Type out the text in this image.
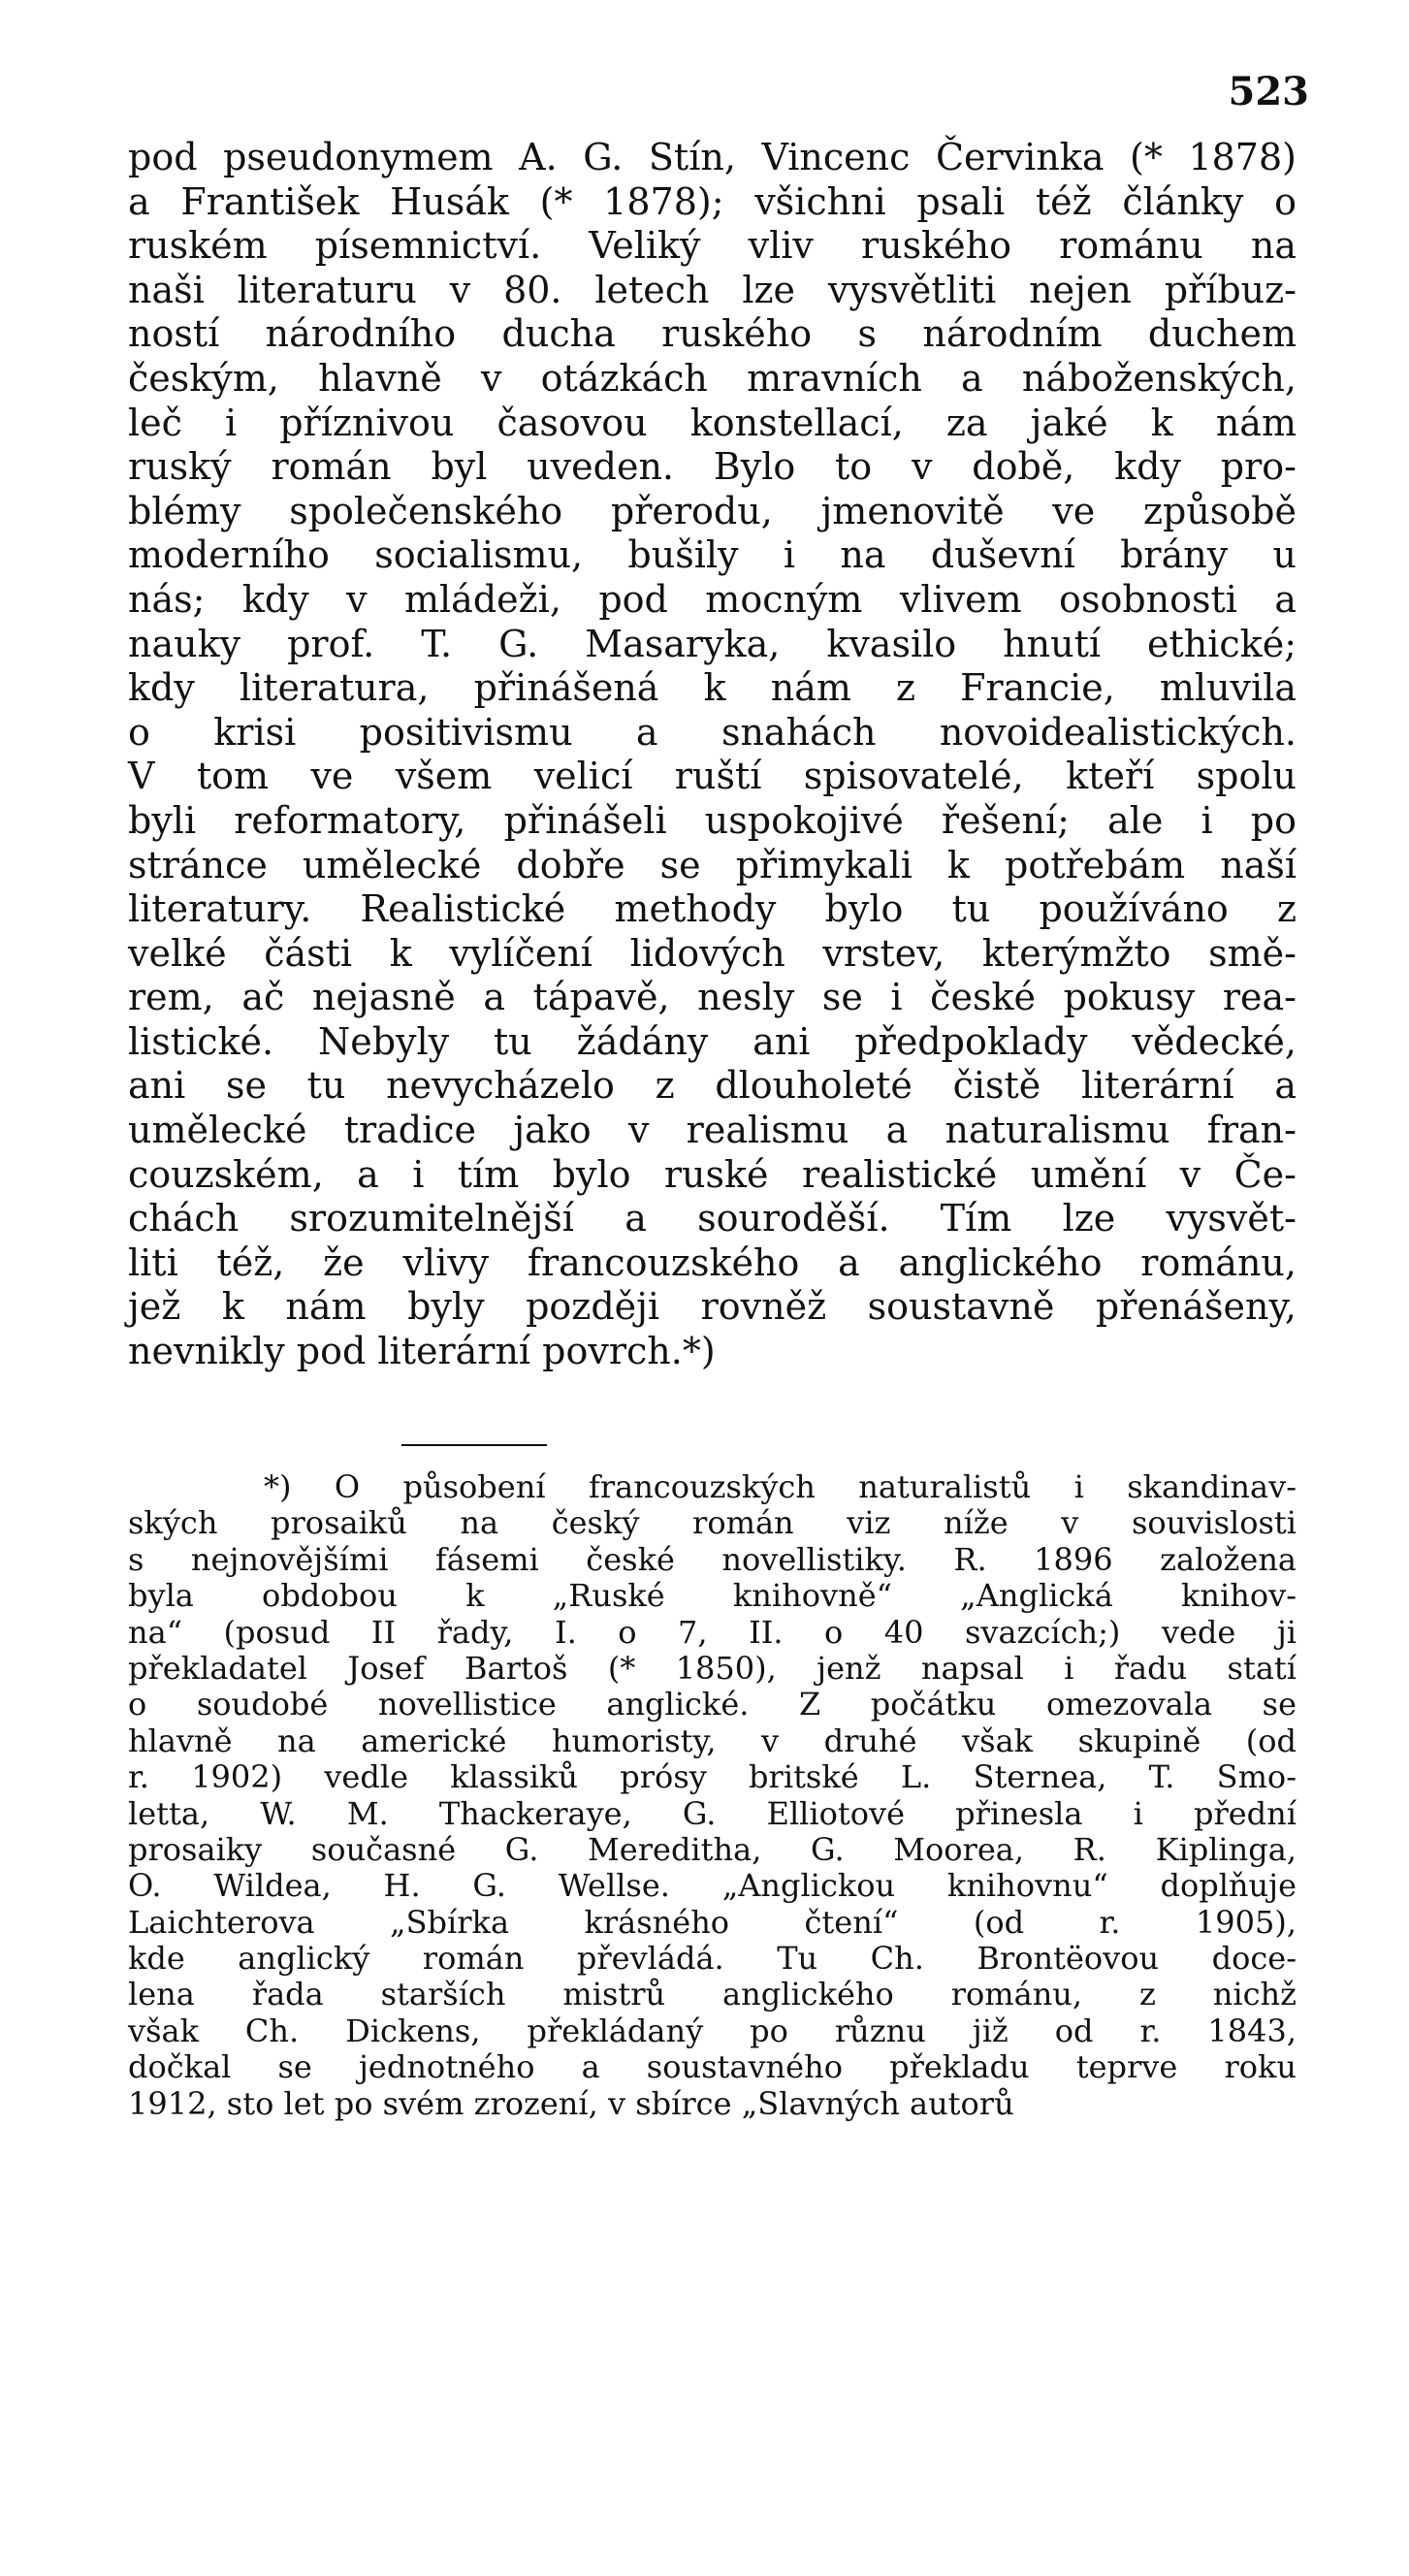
523
pod pseudonymem A. G. Stín, Vincenc Červinka (* 1878)
a František Husák (* 1878); všichni psali též články o
ruském písemnictví. Veliký vliv ruského románu na
naši literaturu v 80. letech lze vysvětliti nejen příbuz-
ností národního ducha ruského s národním duchem
českým, hlavně v otázkách mravních a náboženských,
leč i příznivou časovou konstellací, za jaké k nám
ruský román byl uveden. Bylo to v době, kdy pro-
blémy společenského přerodu, jmenovitě ve způsobě
moderního socialismu, bušily i na duševní brány u
nás; kdy v mládeži, pod mocným vlivem osobnosti a
nauky prof. T. G. Masaryka, kvasilo hnutí ethické;
kdy literatura, přinášená k nám z Francie, mluvila
o krisi positivismu a snahách novoidealistických.
V tom ve všem velicí ruští spisovatelé, kteří spolu
byli reformatory, přinášeli uspokojivé řešení; ale i po
stránce umělecké dobře se přimykali k potřebám naší
literatury. Realistické methody bylo tu používáno z
velké části k vylíčení lidových vrstev, kterýmžto smě-
rem, ač nejasně a tápavě, nesly se i české pokusy rea-
listické. Nebyly tu žádány ani předpoklady vědecké,
ani se tu nevycházelo z dlouholeté čistě literární a
umělecké tradice jako v realismu a naturalismu fran-
couzském, a i tím bylo ruské realistické umění v Če-
chách srozumitelnější a souroděší. Tím lze vysvět-
liti též, že vlivy francouzského a anglického románu,
jež k nám byly později rovněž soustavně přenášeny,
nevnikly pod literární povrch.*)
*) O působení francouzských naturalistů i skandinav-
ských prosaiků na český román viz níže v souvislosti
s nejnovějšími fásemi české novellistiky. R. 1896 založena
byla obdobou k „Ruské knihovně“ „Anglická knihov-
na“ (posud II řady, I. o 7, II. o 40 svazcích;) vede ji
překladatel Josef Bartoš (* 1850), jenž napsal i řadu statí
o soudobé novellistice anglické. Z počátku omezovala se
hlavně na americké humoristy, v druhé však skupině (od
r. 1902) vedle klassiků prósy britské L. Sternea, T. Smo-
letta, W. M. Thackeraye, G. Elliotové přinesla i přední
prosaiky současné G. Mereditha, G. Moorea, R. Kiplinga,
O. Wildea, H. G. Wellse. „Anglickou knihovnu“ doplňuje
Laichterova „Sbírka krásného čtení“ (od r. 1905),
kde anglický román převládá. Tu Ch. Brontëovou doce-
lena řada starších mistrů anglického románu, z nichž
však Ch. Dickens, překládaný po různu již od r. 1843,
dočkal se jednotného a soustavného překladu teprve roku
1912, sto let po svém zrození, v sbírce „Slavných autorů
